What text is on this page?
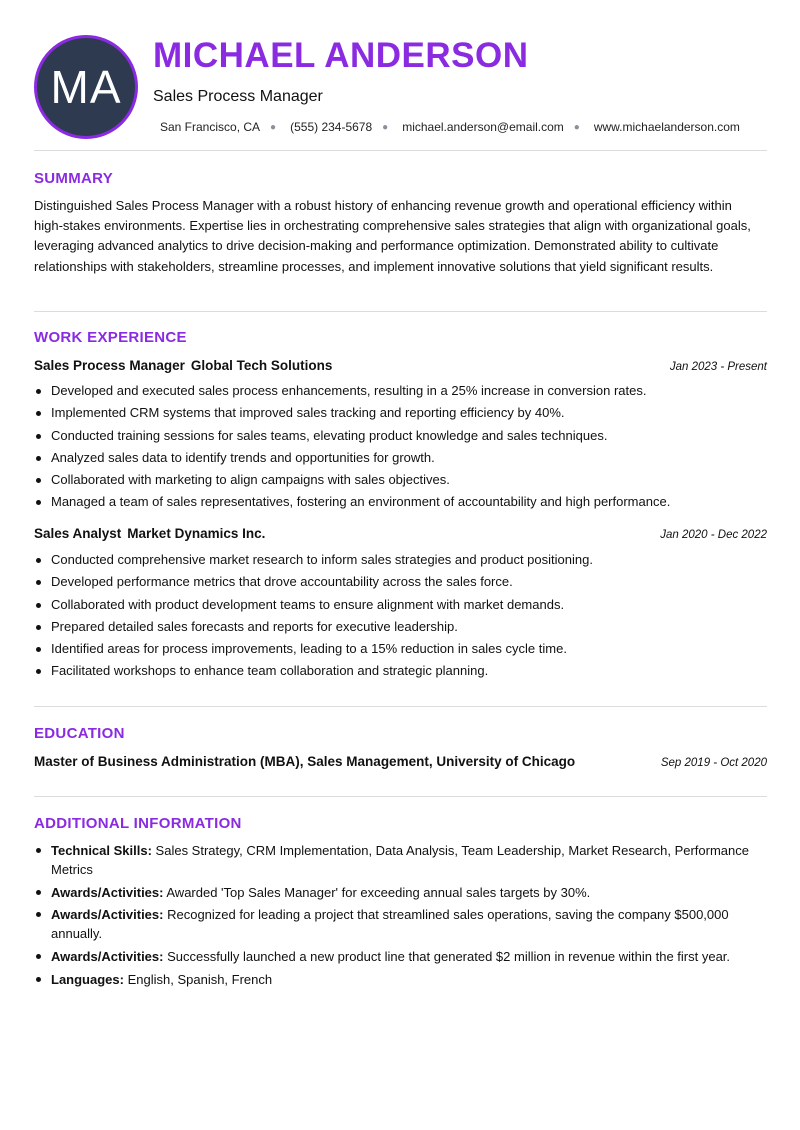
MA
MICHAEL ANDERSON
Sales Process Manager
San Francisco, CA ● (555) 234-5678 ● michael.anderson@email.com ● www.michaelanderson.com
SUMMARY
Distinguished Sales Process Manager with a robust history of enhancing revenue growth and operational efficiency within high-stakes environments. Expertise lies in orchestrating comprehensive sales strategies that align with organizational goals, leveraging advanced analytics to drive decision-making and performance optimization. Demonstrated ability to cultivate relationships with stakeholders, streamline processes, and implement innovative solutions that yield significant results.
WORK EXPERIENCE
Sales Process Manager Global Tech Solutions	Jan 2023 - Present
Developed and executed sales process enhancements, resulting in a 25% increase in conversion rates.
Implemented CRM systems that improved sales tracking and reporting efficiency by 40%.
Conducted training sessions for sales teams, elevating product knowledge and sales techniques.
Analyzed sales data to identify trends and opportunities for growth.
Collaborated with marketing to align campaigns with sales objectives.
Managed a team of sales representatives, fostering an environment of accountability and high performance.
Sales Analyst Market Dynamics Inc.	Jan 2020 - Dec 2022
Conducted comprehensive market research to inform sales strategies and product positioning.
Developed performance metrics that drove accountability across the sales force.
Collaborated with product development teams to ensure alignment with market demands.
Prepared detailed sales forecasts and reports for executive leadership.
Identified areas for process improvements, leading to a 15% reduction in sales cycle time.
Facilitated workshops to enhance team collaboration and strategic planning.
EDUCATION
Master of Business Administration (MBA), Sales Management, University of Chicago	Sep 2019 - Oct 2020
ADDITIONAL INFORMATION
Technical Skills: Sales Strategy, CRM Implementation, Data Analysis, Team Leadership, Market Research, Performance Metrics
Awards/Activities: Awarded 'Top Sales Manager' for exceeding annual sales targets by 30%.
Awards/Activities: Recognized for leading a project that streamlined sales operations, saving the company $500,000 annually.
Awards/Activities: Successfully launched a new product line that generated $2 million in revenue within the first year.
Languages: English, Spanish, French
